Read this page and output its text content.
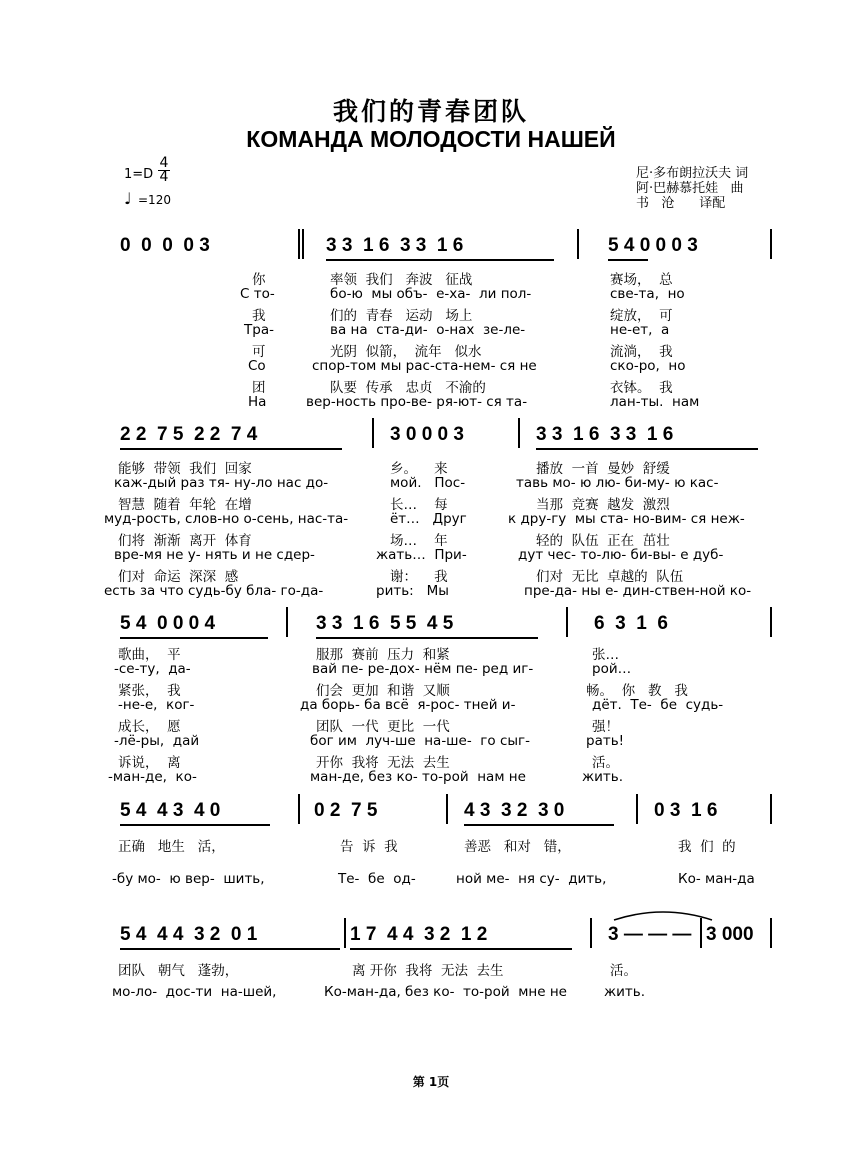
我们的青春团队
КОМАНДА МОЛОДОСТИ НАШЕЙ
1=D
4
4
♩ =120
尼·多布朗拉沃夫 词
阿·巴赫慕托娃   曲
书   沧      译配
0  0  0  0 3	3 3  1 6  3 3  1 6	5 4 0 0 0 3
你	率领  我们   奔波   征战	赛场，  总
С то-	бо-ю  мы объ-  е-ха-  ли пол-	све-та,  но
我	们的  青春   运动   场上	绽放，  可
Тра-	ва на  ста-ди-  о-нах  зе-ле-	не-ет,  а
可	光阴  似箭，  流年   似水	流淌，  我
Со	спор-том мы рас-ста-нем- ся не	ско-ро,  но
团	队要  传承   忠贞   不渝的	衣钵。  我
На	вер-ность про-ве- ря-ют- ся та-	лан-ты.  нам
2 2  7 5  2 2  7 4	3 0 0 0 3	3 3  1 6  3 3  1 6
能够  带领  我们  回家	乡。    来	播放  一首  曼妙  舒缓
каж-дый раз тя- ну-ло нас до-	мой.   Пос-	тавь мо- ю лю- би-му- ю кас-
智慧  随着  年轮  在增	长…    每	当那  竞赛  越发  激烈
муд-рость, слов-но о-сень, нас-та-	ёт…   Друг	к дру-гу  мы ста- но-вим- ся неж-
们将  渐渐  离开  体育	场…    年	轻的  队伍  正在  茁壮
вре-мя не у- нять и не сдер-	жать…  При-	дут чес- то-лю- би-вы- е дуб-
们对  命运  深深  感	谢：    我	们对  无比  卓越的  队伍
есть за что судь-бу бла- го-да-	рить:   Мы	пре-да- ны е- дин-ствен-ной ко-
5 4  0 0 0 4	3 3  1 6  5 5  4 5	6  3  1  6
歌曲，  平	服那  赛前  压力  和紧	张…
-се-ту,  да-	вай пе- ре-дох- нём пе- ред иг-	рой…
紧张，  我	们会  更加  和谐  又顺	畅。  你   教   我
-не-е,  ког-	да борь- ба всё  я-рос- тней и-	дёт.  Те-  бе  судь-
成长，  愿	团队  一代  更比  一代	强！
-лё-ры,  дай	бог им  луч-ше  на-ше-  го сыг-	рать!
诉说，  离	开你  我将  无法  去生	活。
-ман-де,  ко-	ман-де, без ко- то-рой  нам не	жить.
5 4  4 3  4 0	0 2  7 5	4 3  3 2  3 0	0 3  1 6
正确   地生   活，	告  诉  我	善恶   和对   错，	我  们  的
-бу мо-  ю вер-  шить,	Те-  бе  од-	ной ме-  ня су-  дить,	Ко- ман-да
5 4  4 4  3 2  0 1	1 7  4 4  3 2  1 2	3 — — — 3 000
团队   朝气   蓬勃，	离 开你  我将  无法  去生	活。
мо-ло-  дос-ти  на-шей,	Ко-ман-да, без ко-  то-рой  мне не	жить.
第 1页
